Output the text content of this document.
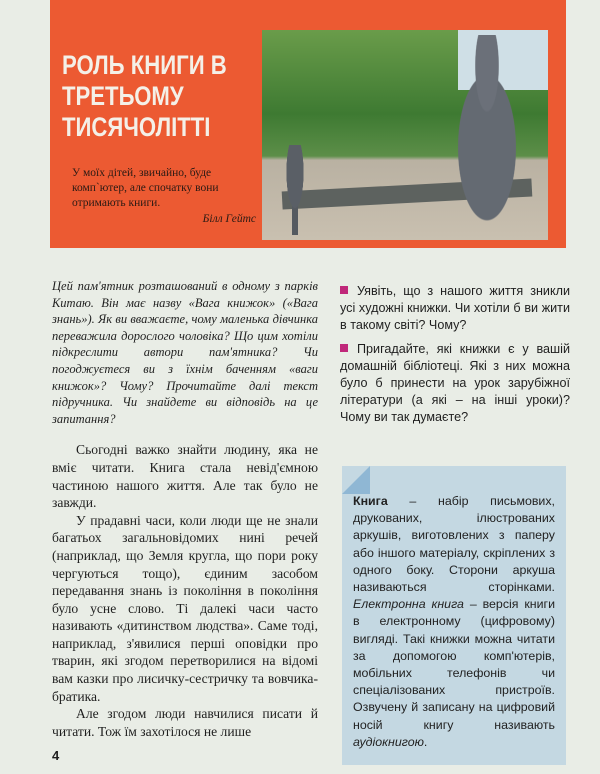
РОЛЬ КНИГИ В ТРЕТЬОМУ ТИСЯЧОЛІТТІ
У моїх дітей, звичайно, буде комп`ютер, але спочатку вони отримають книги.
Білл Гейтс
Цей пам'ятник розташований в одному з парків Китаю. Він має назву «Вага книжок» («Вага знань»). Як ви вважаєте, чому маленька дівчинка переважила дорослого чоловіка? Що цим хотіли підкреслити автори пам'ятника? Чи погоджуєтеся ви з їхнім баченням «ваги книжок»? Чому? Прочитайте далі текст підручника. Чи знайдете ви відповідь на це запитання?

Сьогодні важко знайти людину, яка не вміє читати. Книга стала невід'ємною частиною нашого життя. Але так було не завжди.

У прадавні часи, коли люди ще не знали багатьох загальновідомих нині речей (наприклад, що Земля кругла, що пори року чергуються тощо), єдиним засобом передавання знань із покоління в покоління було усне слово. Ті далекі часи часто називають «дитинством людства». Саме тоді, наприклад, з'явилися перші оповідки про тварин, які згодом перетворилися на відомі вам казки про лисичку-сестричку та вовчика-братика.

Але згодом люди навчилися писати й читати. Тож їм захотілося не лише

4

Уявіть, що з нашого життя зникли усі художні книжки. Чи хотіли б ви жити в такому світі? Чому?

Пригадайте, які книжки є у вашій домашній бібліотеці. Які з них можна було б принести на урок зарубіжної літератури (а які – на інші уроки)? Чому ви так думаєте?

Книга – набір письмових, друкованих, ілюстрованих аркушів, виготовлених з паперу або іншого матеріалу, скріплених з одного боку. Сторони аркуша називаються сторінками. Електронна книга – версія книги в електронному (цифровому) вигляді. Такі книжки можна читати за допомогою комп'ютерів, мобільних телефонів чи спеціалізованих пристроїв. Озвучену й записану на цифровий носій книгу називають аудіокнигою.
